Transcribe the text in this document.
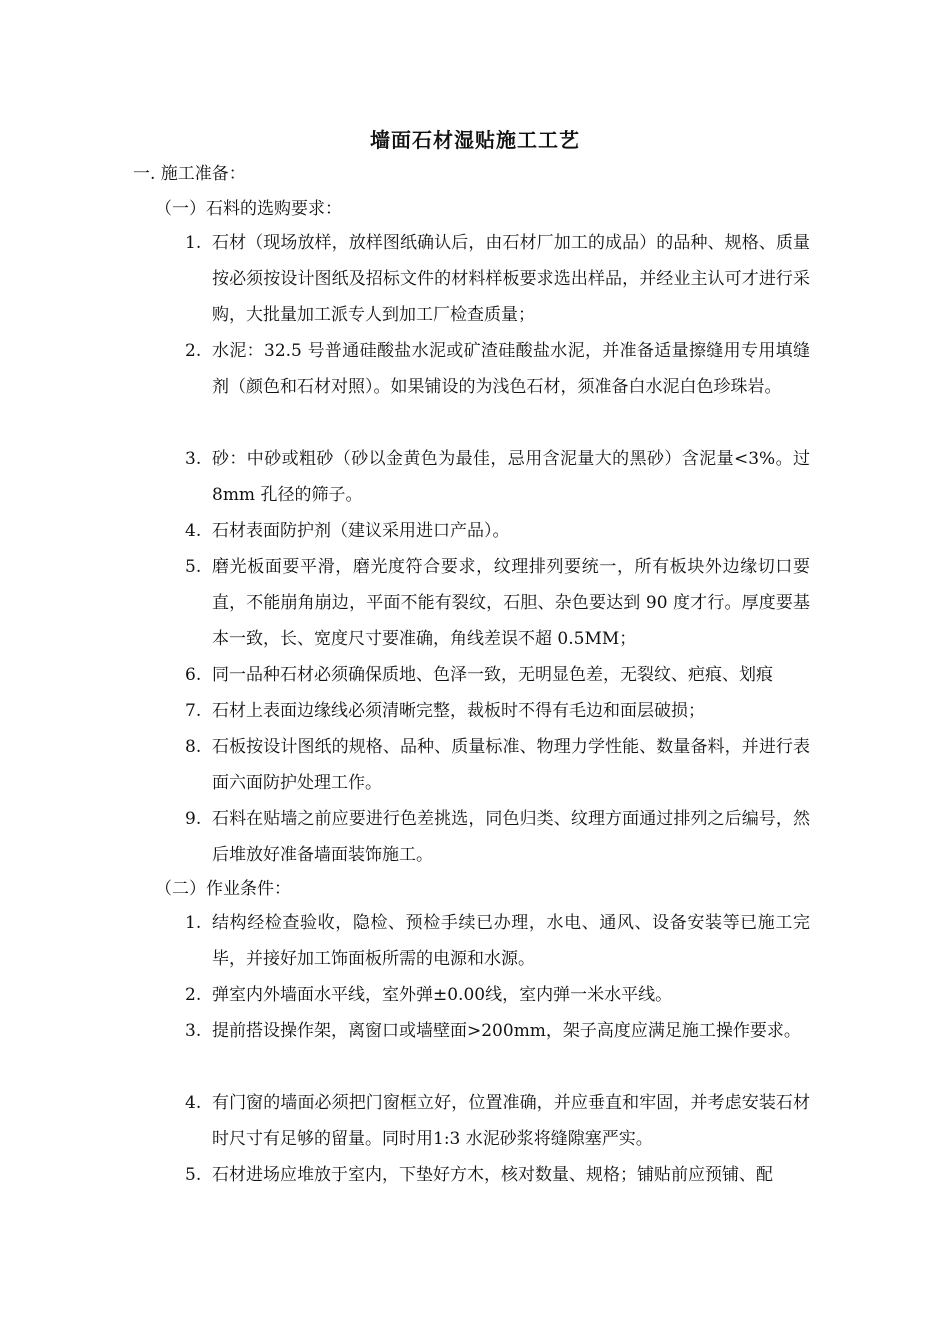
墙面石材湿贴施工工艺
一. 施工准备：
（一）石料的选购要求：
1. 石材（现场放样，放样图纸确认后，由石材厂加工的成品）的品种、规格、质量按必须按设计图纸及招标文件的材料样板要求选出样品，并经业主认可才进行采购，大批量加工派专人到加工厂检查质量；
2. 水泥：32.5 号普通硅酸盐水泥或矿渣硅酸盐水泥，并准备适量擦缝用专用填缝剂（颜色和石材对照）。如果铺设的为浅色石材，须准备白水泥白色珍珠岩。
3. 砂：中砂或粗砂（砂以金黄色为最佳，忌用含泥量大的黑砂）含泥量<3%。过 8mm 孔径的筛子。
4. 石材表面防护剂（建议采用进口产品）。
5. 磨光板面要平滑，磨光度符合要求，纹理排列要统一，所有板块外边缘切口要直，不能崩角崩边，平面不能有裂纹，石胆、杂色要达到 90 度才行。厚度要基本一致，长、宽度尺寸要准确，角线差误不超 0.5MM；
6. 同一品种石材必须确保质地、色泽一致，无明显色差，无裂纹、疤痕、划痕
7. 石材上表面边缘线必须清晰完整，裁板时不得有毛边和面层破损；
8. 石板按设计图纸的规格、品种、质量标准、物理力学性能、数量备料，并进行表面六面防护处理工作。
9. 石料在贴墙之前应要进行色差挑选，同色归类、纹理方面通过排列之后编号，然后堆放好准备墙面装饰施工。
（二）作业条件：
1. 结构经检查验收，隐检、预检手续已办理，水电、通风、设备安装等已施工完毕，并接好加工饰面板所需的电源和水源。
2. 弹室内外墙面水平线，室外弹±0.00线，室内弹一米水平线。
3. 提前搭设操作架，离窗口或墙壁面>200mm，架子高度应满足施工操作要求。
4. 有门窗的墙面必须把门窗框立好，位置准确，并应垂直和牢固，并考虑安装石材时尺寸有足够的留量。同时用1:3 水泥砂浆将缝隙塞严实。
5. 石材进场应堆放于室内，下垫好方木，核对数量、规格；铺贴前应预铺、配
